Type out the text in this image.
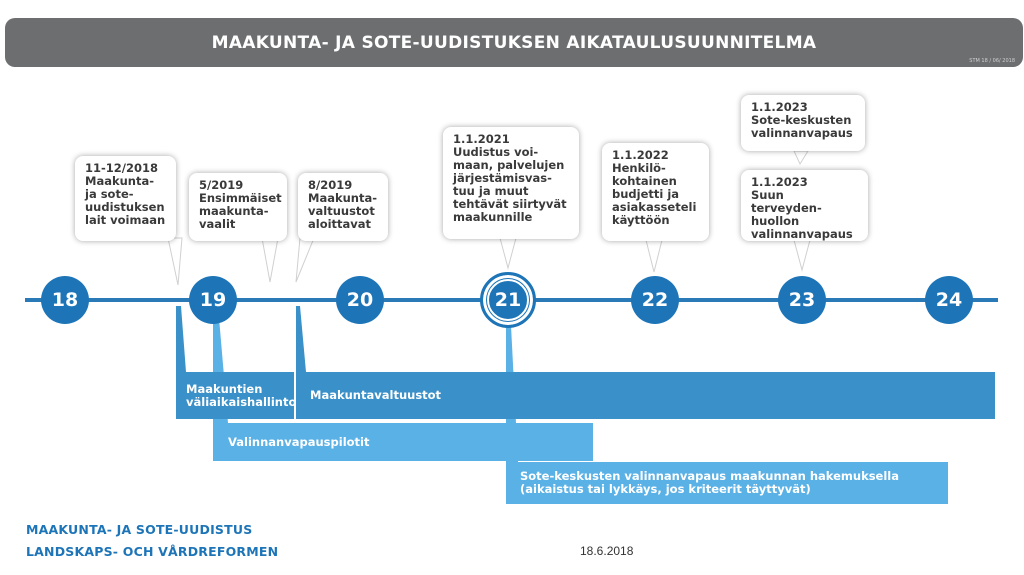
MAAKUNTA- JA SOTE-UUDISTUKSEN AIKATAULUSUUNNITELMA
STM 18 / 06/ 2018
Maakuntavaltuustot
Maakuntien
väliaikaishallinto
Valinnanvapauspilotit
Sote-keskusten valinnanvapaus maakunnan hakemuksella
(aikaistus tai lykkäys, jos kriteerit täyttyvät)
18	19	20	21	22	23	24
11-12/2018
Maakunta-
ja sote-
uudistuksen
lait voimaan
5/2019
Ensimmäiset
maakunta-
vaalit
8/2019
Maakunta-
valtuustot
aloittavat
1.1.2021
Uudistus voi-
maan, palvelujen
järjestämisvas-
tuu ja muut
tehtävät siirtyvät
maakunnille
1.1.2022
Henkilö-
kohtainen
budjetti ja
asiakasseteli
käyttöön
1.1.2023
Sote-keskusten
valinnanvapaus
1.1.2023
Suun terveyden-
huollon
valinnanvapaus
MAAKUNTA- JA SOTE-UUDISTUS
LANDSKAPS- OCH VÅRDREFORMEN	18.6.2018
